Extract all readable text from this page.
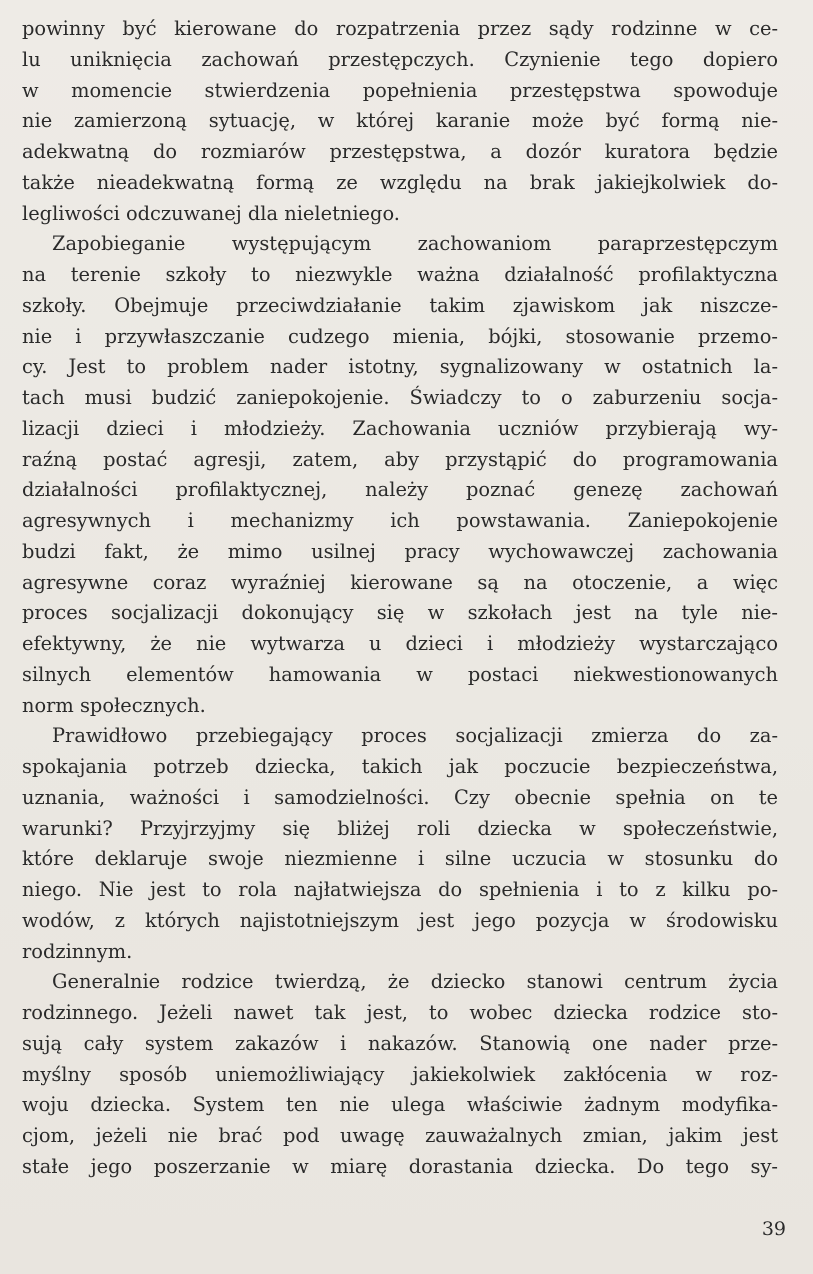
powinny być kierowane do rozpatrzenia przez sądy rodzinne w ce-
lu uniknięcia zachowań przestępczych. Czynienie tego dopiero
w momencie stwierdzenia popełnienia przestępstwa spowoduje
nie zamierzoną sytuację, w której karanie może być formą nie-
adekwatną do rozmiarów przestępstwa, a dozór kuratora będzie
także nieadekwatną formą ze względu na brak jakiejkolwiek do-
legliwości odczuwanej dla nieletniego.
Zapobieganie występującym zachowaniom paraprzestępczym
na terenie szkoły to niezwykle ważna działalność profilaktyczna
szkoły. Obejmuje przeciwdziałanie takim zjawiskom jak niszcze-
nie i przywłaszczanie cudzego mienia, bójki, stosowanie przemo-
cy. Jest to problem nader istotny, sygnalizowany w ostatnich la-
tach musi budzić zaniepokojenie. Świadczy to o zaburzeniu socja-
lizacji dzieci i młodzieży. Zachowania uczniów przybierają wy-
raźną postać agresji, zatem, aby przystąpić do programowania
działalności profilaktycznej, należy poznać genezę zachowań
agresywnych i mechanizmy ich powstawania. Zaniepokojenie
budzi fakt, że mimo usilnej pracy wychowawczej zachowania
agresywne coraz wyraźniej kierowane są na otoczenie, a więc
proces socjalizacji dokonujący się w szkołach jest na tyle nie-
efektywny, że nie wytwarza u dzieci i młodzieży wystarczająco
silnych elementów hamowania w postaci niekwestionowanych
norm społecznych.
Prawidłowo przebiegający proces socjalizacji zmierza do za-
spokajania potrzeb dziecka, takich jak poczucie bezpieczeństwa,
uznania, ważności i samodzielności. Czy obecnie spełnia on te
warunki? Przyjrzyjmy się bliżej roli dziecka w społeczeństwie,
które deklaruje swoje niezmienne i silne uczucia w stosunku do
niego. Nie jest to rola najłatwiejsza do spełnienia i to z kilku po-
wodów, z których najistotniejszym jest jego pozycja w środowisku
rodzinnym.
Generalnie rodzice twierdzą, że dziecko stanowi centrum życia
rodzinnego. Jeżeli nawet tak jest, to wobec dziecka rodzice sto-
sują cały system zakazów i nakazów. Stanowią one nader prze-
myślny sposób uniemożliwiający jakiekolwiek zakłócenia w roz-
woju dziecka. System ten nie ulega właściwie żadnym modyfika-
cjom, jeżeli nie brać pod uwagę zauważalnych zmian, jakim jest
stałe jego poszerzanie w miarę dorastania dziecka. Do tego sy-
39
